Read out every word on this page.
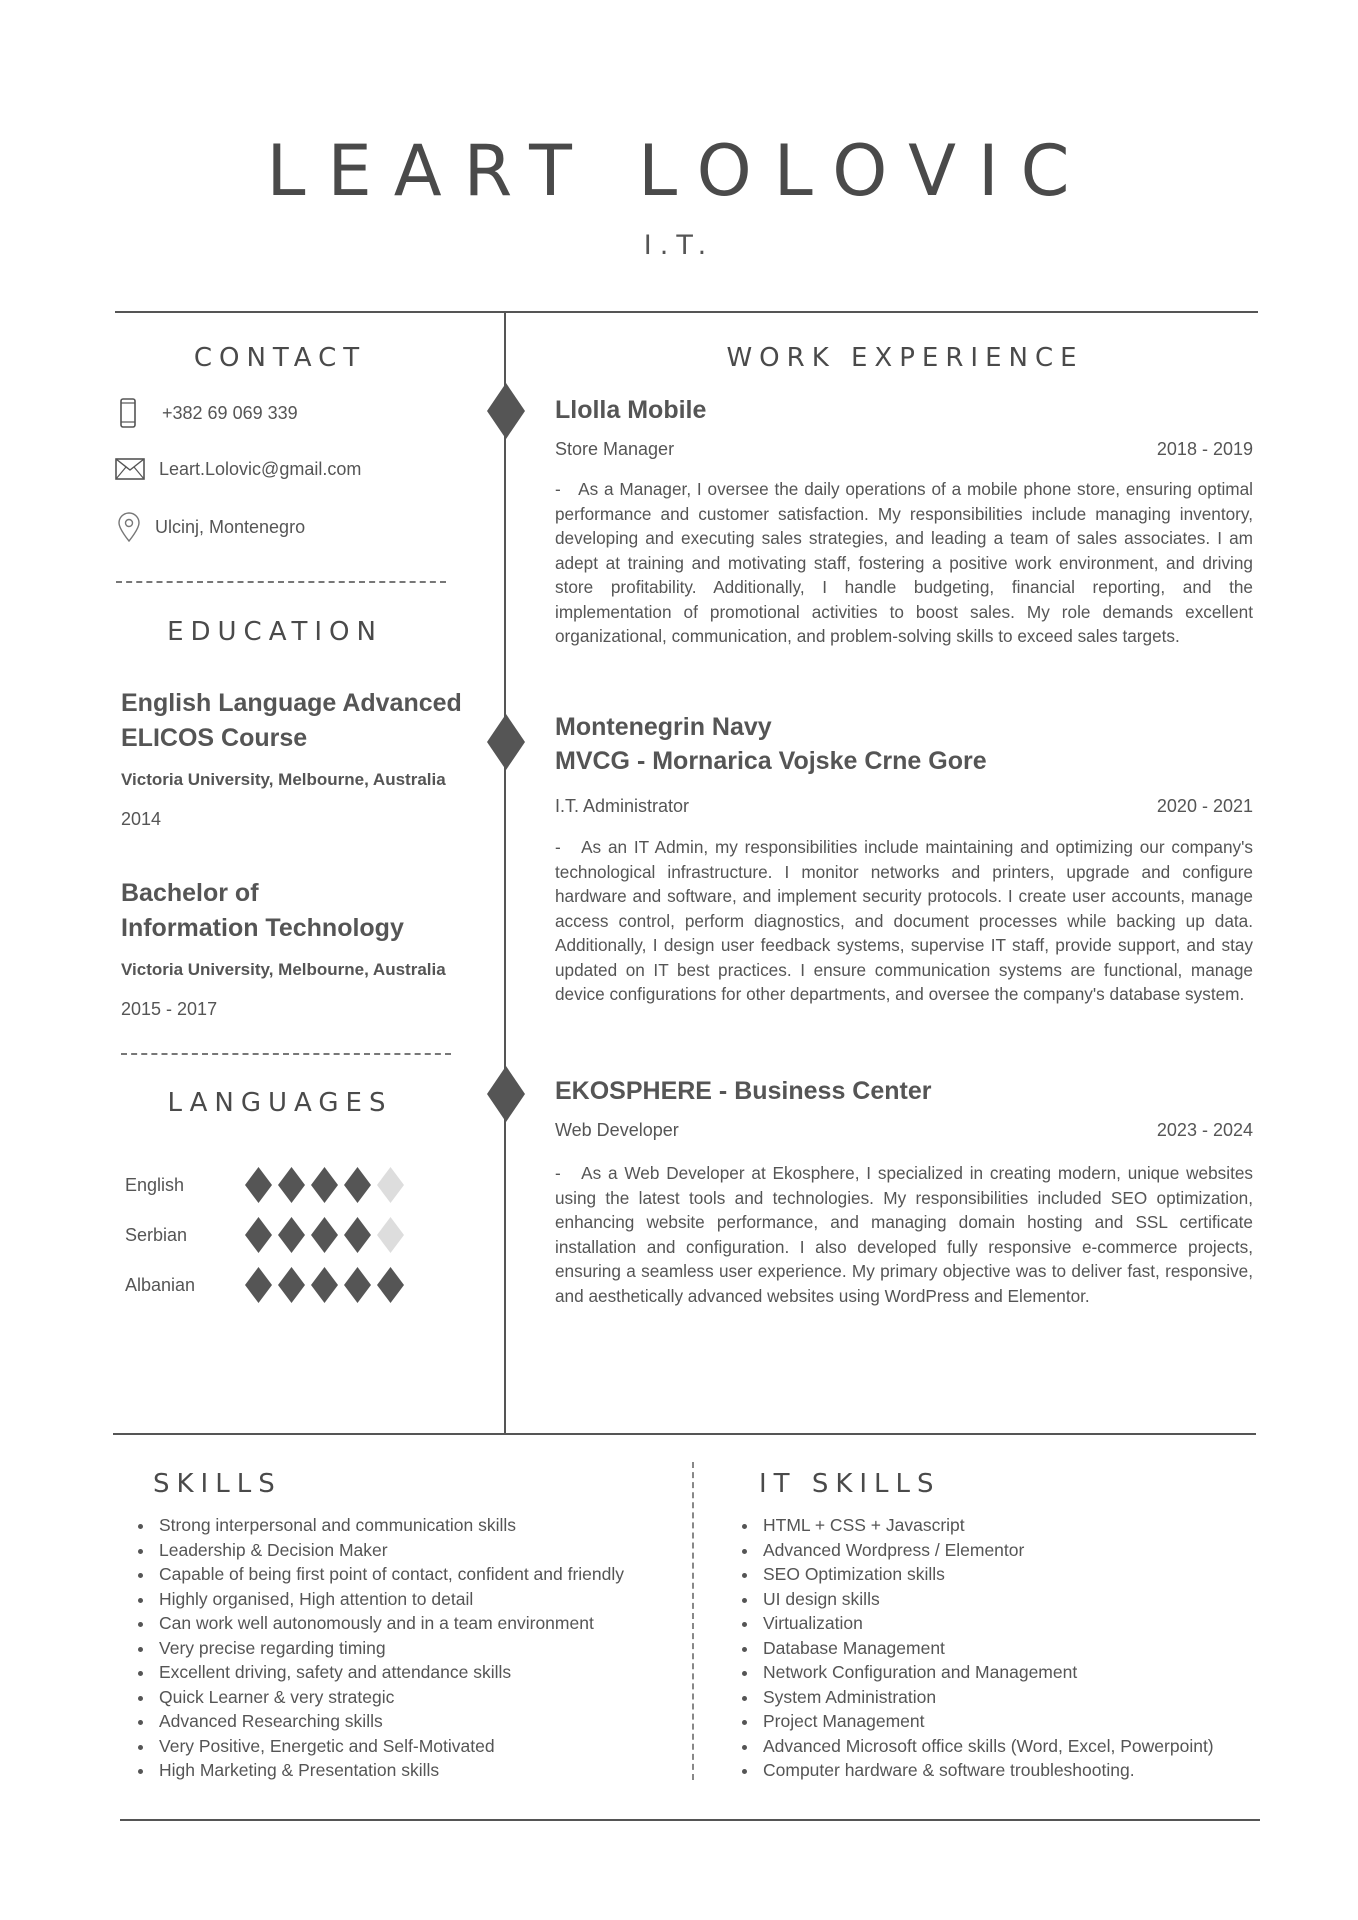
LEART LOLOVIC
I.T.
CONTACT
+382 69 069 339
Leart.Lolovic@gmail.com
Ulcinj, Montenegro
EDUCATION
English Language Advanced
ELICOS Course
Victoria University, Melbourne, Australia
2014
Bachelor of
Information Technology
Victoria University, Melbourne, Australia
2015 - 2017
LANGUAGES
English
Serbian
Albanian
WORK EXPERIENCE
Llolla Mobile
Store Manager	2018 - 2019

-   As a Manager, I oversee the daily operations of a mobile phone store, ensuring optimal performance and customer satisfaction. My responsibilities include managing inventory, developing and executing sales strategies, and leading a team of sales associates. I am adept at training and motivating staff, fostering a positive work environment, and driving store profitability. Additionally, I handle budgeting, financial reporting, and the implementation of promotional activities to boost sales. My role demands excellent organizational, communication, and problem-solving skills to exceed sales targets.

Montenegrin Navy
MVCG - Mornarica Vojske Crne Gore
I.T. Administrator	2020 - 2021

-   As an IT Admin, my responsibilities include maintaining and optimizing our company's technological infrastructure. I monitor networks and printers, upgrade and configure hardware and software, and implement security protocols. I create user accounts, manage access control, perform diagnostics, and document processes while backing up data. Additionally, I design user feedback systems, supervise IT staff, provide support, and stay updated on IT best practices. I ensure communication systems are functional, manage device configurations for other departments, and oversee the company's database system.

EKOSPHERE - Business Center
Web Developer	2023 - 2024

-   As a Web Developer at Ekosphere, I specialized in creating modern, unique websites using the latest tools and technologies. My responsibilities included SEO optimization, enhancing website performance, and managing domain hosting and SSL certificate installation and configuration. I also developed fully responsive e-commerce projects, ensuring a seamless user experience. My primary objective was to deliver fast, responsive, and aesthetically advanced websites using WordPress and Elementor.

SKILLS
• Strong interpersonal and communication skills
• Leadership & Decision Maker
• Capable of being first point of contact, confident and friendly
• Highly organised, High attention to detail
• Can work well autonomously and in a team environment
• Very precise regarding timing
• Excellent driving, safety and attendance skills
• Quick Learner & very strategic
• Advanced Researching skills
• Very Positive, Energetic and Self-Motivated
• High Marketing & Presentation skills
IT SKILLS
• HTML + CSS + Javascript
• Advanced Wordpress / Elementor
• SEO Optimization skills
• UI design skills
• Virtualization
• Database Management
• Network Configuration and Management
• System Administration
• Project Management
• Advanced Microsoft office skills (Word, Excel, Powerpoint)
• Computer hardware & software troubleshooting.
